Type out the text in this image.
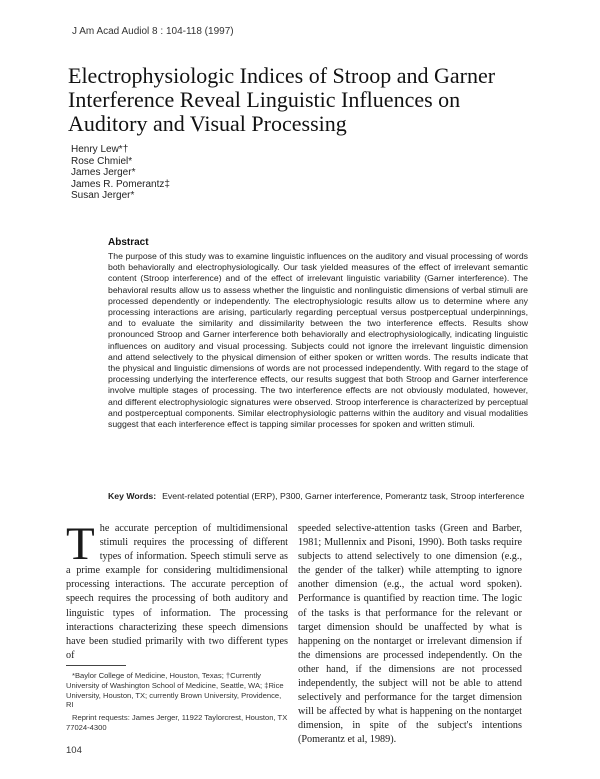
J Am Acad Audiol 8 : 104-118 (1997)
Electrophysiologic Indices of Stroop and Garner Interference Reveal Linguistic Influences on Auditory and Visual Processing
Henry Lew*†
Rose Chmiel*
James Jerger*
James R. Pomerantz‡
Susan Jerger*
Abstract
The purpose of this study was to examine linguistic influences on the auditory and visual processing of words both behaviorally and electrophysiologically. Our task yielded measures of the effect of irrelevant semantic content (Stroop interference) and of the effect of irrelevant linguistic variability (Garner interference). The behavioral results allow us to assess whether the linguistic and nonlinguistic dimensions of verbal stimuli are processed dependently or independently. The electrophysiologic results allow us to determine where any processing interactions are arising, particularly regarding perceptual versus postperceptual underpinnings, and to evaluate the similarity and dissimilarity between the two interference effects. Results show pronounced Stroop and Garner interference both behaviorally and electrophysiologically, indicating linguistic influences on auditory and visual processing. Subjects could not ignore the irrelevant linguistic dimension and attend selectively to the physical dimension of either spoken or written words. The results indicate that the physical and linguistic dimensions of words are not processed independently. With regard to the stage of processing underlying the interference effects, our results suggest that both Stroop and Garner interference involve multiple stages of processing. The two interference effects are not obviously modulated, however, and different electrophysiologic signatures were observed. Stroop interference is characterized by perceptual and postperceptual components. Similar electrophysiologic patterns within the auditory and visual modalities suggest that each interference effect is tapping similar processes for spoken and written stimuli.
Key Words: Event-related potential (ERP), P300, Garner interference, Pomerantz task, Stroop interference
The accurate perception of multidimensional stimuli requires the processing of different types of information. Speech stimuli serve as a prime example for considering multidimensional processing interactions. The accurate perception of speech requires the processing of both auditory and linguistic types of information. The processing interactions characterizing these speech dimensions have been studied primarily with two different types of
speeded selective-attention tasks (Green and Barber, 1981; Mullennix and Pisoni, 1990). Both tasks require subjects to attend selectively to one dimension (e.g., the gender of the talker) while attempting to ignore another dimension (e.g., the actual word spoken). Performance is quantified by reaction time. The logic of the tasks is that performance for the relevant or target dimension should be unaffected by what is happening on the nontarget or irrelevant dimension if the dimensions are processed independently. On the other hand, if the dimensions are not processed independently, the subject will not be able to attend selectively and performance for the target dimension will be affected by what is happening on the nontarget dimension, in spite of the subject's intentions (Pomerantz et al, 1989).

*Baylor College of Medicine, Houston, Texas; †Currently University of Washington School of Medicine, Seattle, WA; ‡Rice University, Houston, TX; currently Brown University, Providence, RI

Reprint requests: James Jerger, 11922 Taylorcrest, Houston, TX 77024-4300

104
